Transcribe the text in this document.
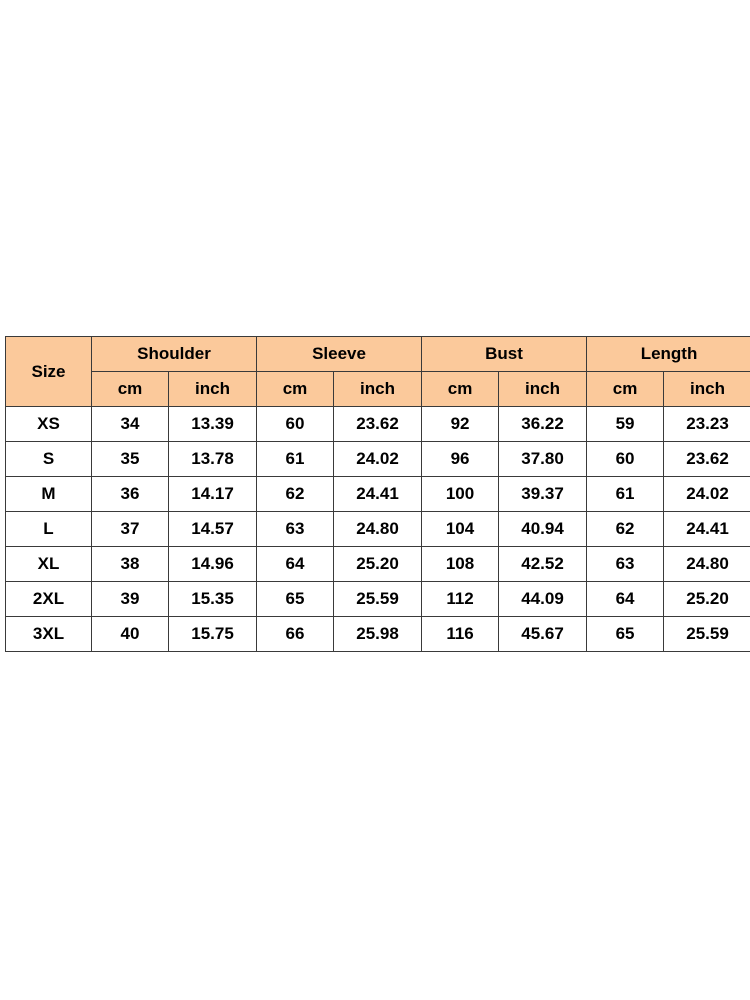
Size	Shoulder		Sleeve		Bust		Length	
	cm	inch	cm	inch	cm	inch	cm	inch
XS	34	13.39	60	23.62	92	36.22	59	23.23
S	35	13.78	61	24.02	96	37.80	60	23.62
M	36	14.17	62	24.41	100	39.37	61	24.02
L	37	14.57	63	24.80	104	40.94	62	24.41
XL	38	14.96	64	25.20	108	42.52	63	24.80
2XL	39	15.35	65	25.59	112	44.09	64	25.20
3XL	40	15.75	66	25.98	116	45.67	65	25.59
